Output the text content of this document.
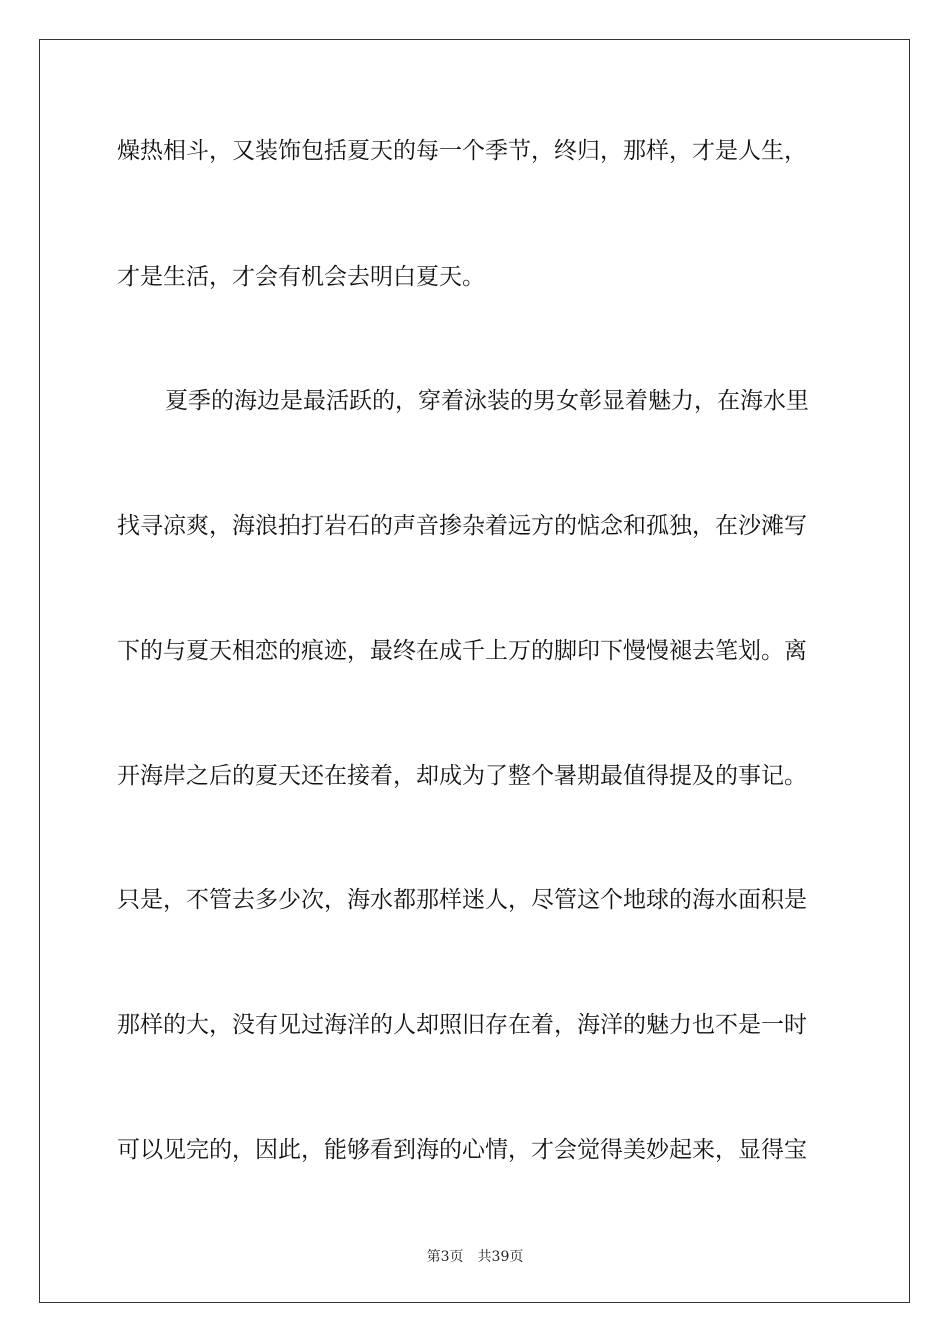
燥热相斗，又装饰包括夏天的每一个季节，终归，那样，才是人生，
才是生活，才会有机会去明白夏天。
夏季的海边是最活跃的，穿着泳装的男女彰显着魅力，在海水里
找寻凉爽，海浪拍打岩石的声音掺杂着远方的惦念和孤独，在沙滩写
下的与夏天相恋的痕迹，最终在成千上万的脚印下慢慢褪去笔划。离
开海岸之后的夏天还在接着，却成为了整个暑期最值得提及的事记。
只是，不管去多少次，海水都那样迷人，尽管这个地球的海水面积是
那样的大，没有见过海洋的人却照旧存在着，海洋的魅力也不是一时
可以见完的，因此，能够看到海的心情，才会觉得美妙起来，显得宝
第3页 共39页
